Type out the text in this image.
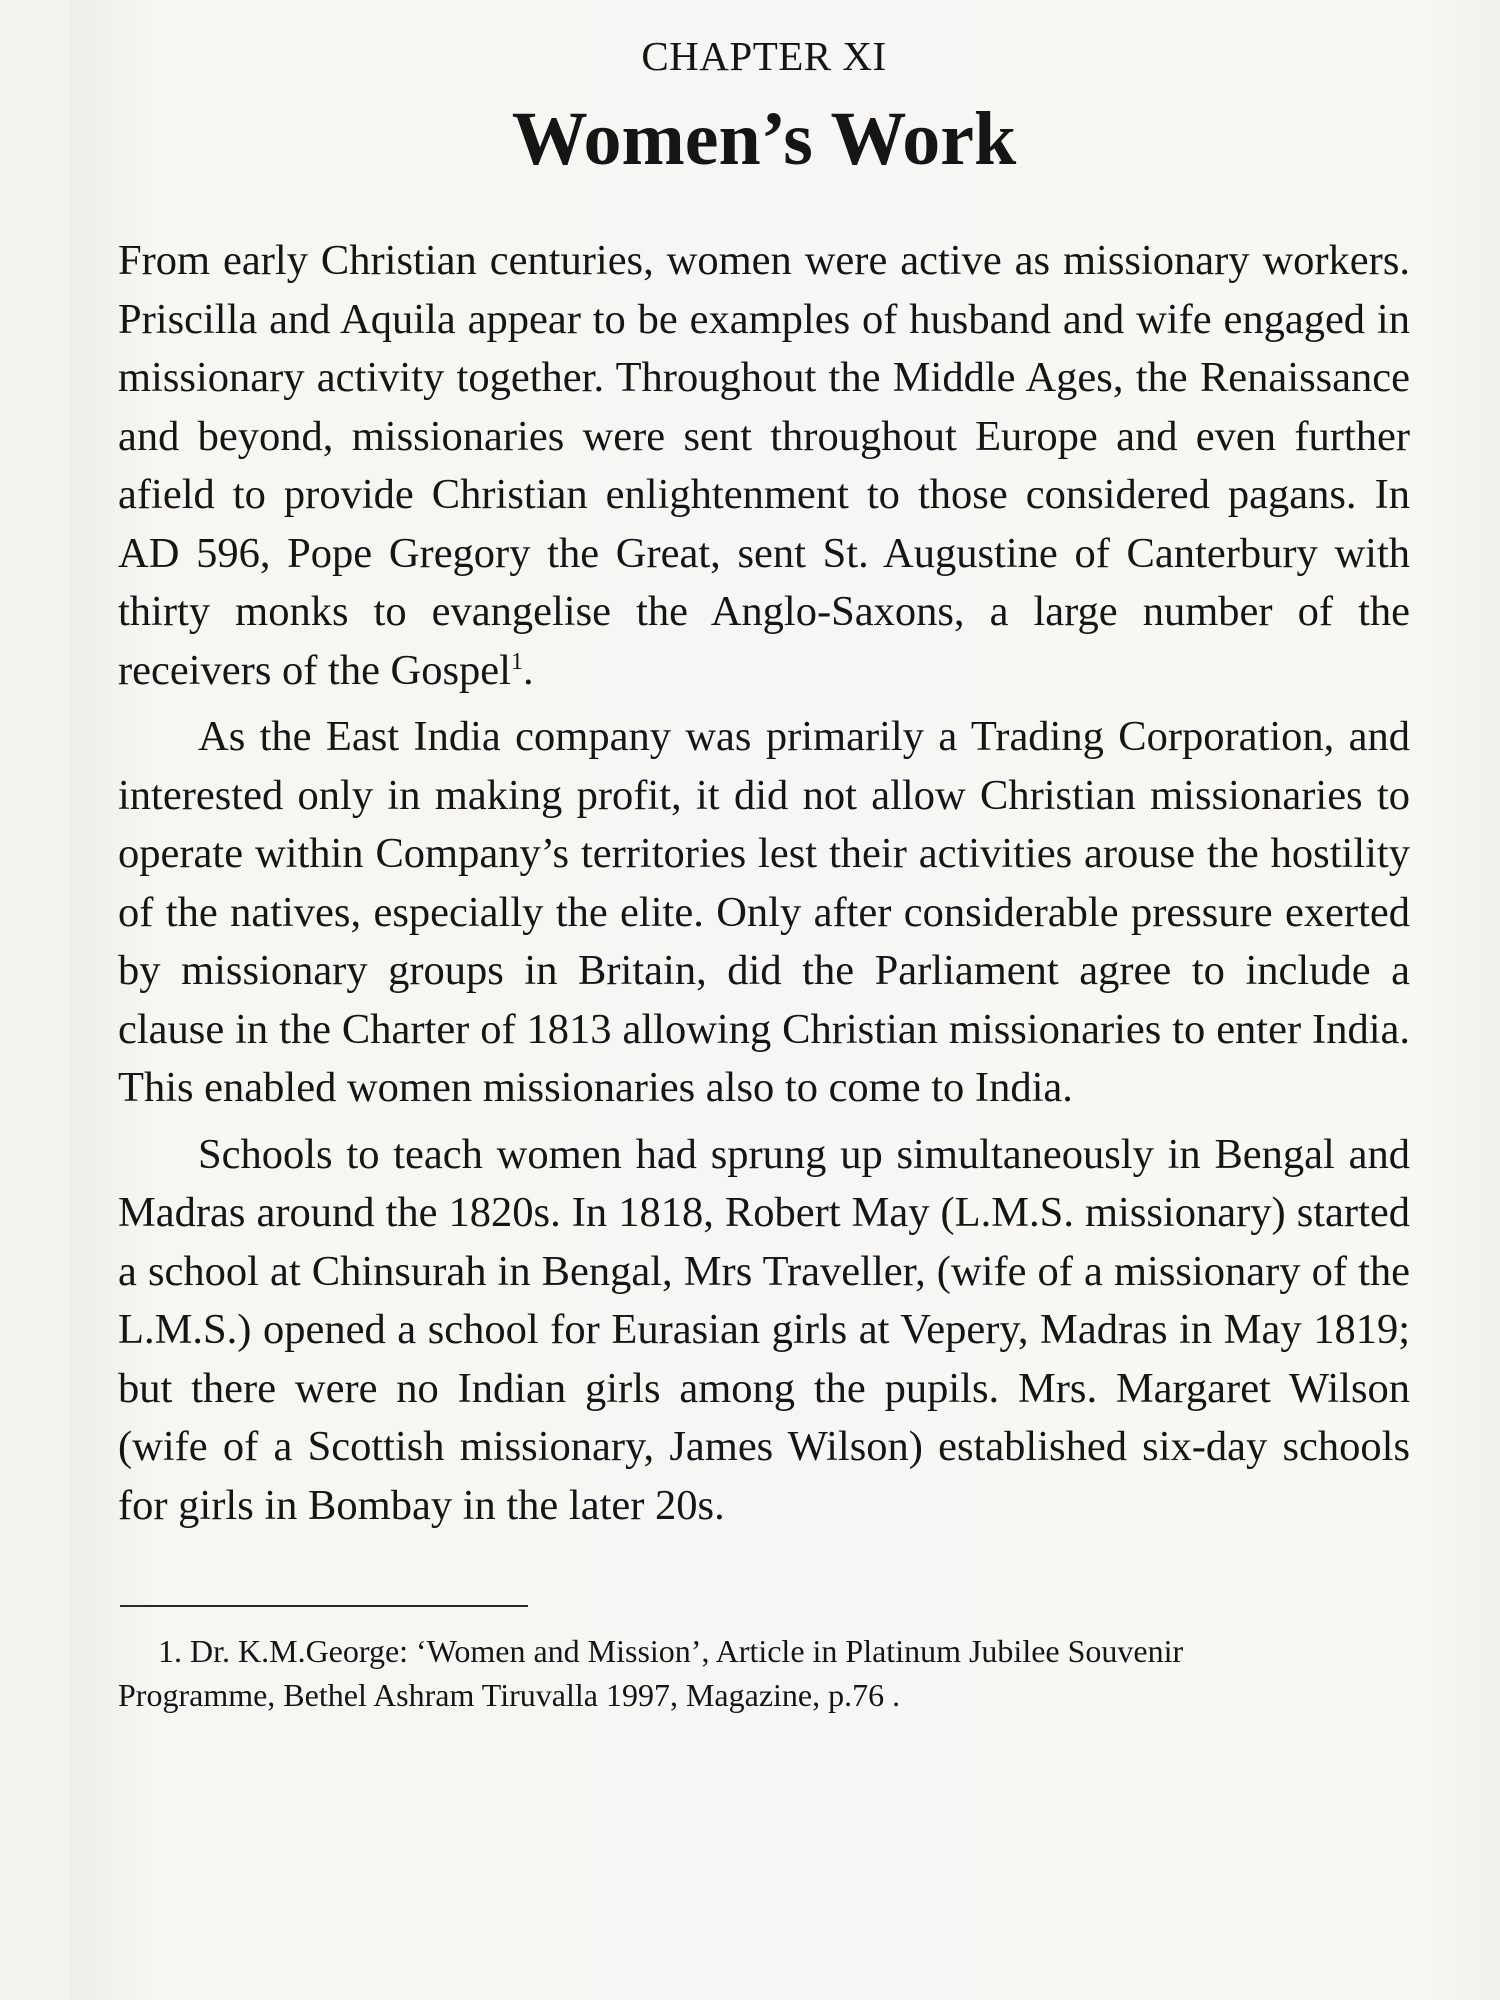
CHAPTER XI

Women’s Work

From early Christian centuries, women were active as missionary workers. Priscilla and Aquila appear to be examples of husband and wife engaged in missionary activity together. Throughout the Middle Ages, the Renaissance and beyond, missionaries were sent throughout Europe and even further afield to provide Christian enlightenment to those considered pagans. In AD 596, Pope Gregory the Great, sent St. Augustine of Canterbury with thirty monks to evangelise the Anglo-Saxons, a large number of the receivers of the Gospel$^1$.

As the East India company was primarily a Trading Corporation, and interested only in making profit, it did not allow Christian missionaries to operate within Company’s territories lest their activities arouse the hostility of the natives, especially the elite. Only after considerable pressure exerted by missionary groups in Britain, did the Parliament agree to include a clause in the Charter of 1813 allowing Christian missionaries to enter India. This enabled women missionaries also to come to India.

Schools to teach women had sprung up simultaneously in Bengal and Madras around the 1820s. In 1818, Robert May (L.M.S. missionary) started a school at Chinsurah in Bengal, Mrs Traveller, (wife of a missionary of the L.M.S.) opened a school for Eurasian girls at Vepery, Madras in May 1819; but there were no Indian girls among the pupils. Mrs. Margaret Wilson (wife of a Scottish missionary, James Wilson) established six-day schools for girls in Bombay in the later 20s.

1. Dr. K.M.George: ‘Women and Mission’, Article in Platinum Jubilee Souvenir
Programme, Bethel Ashram Tiruvalla 1997, Magazine, p.76 .
